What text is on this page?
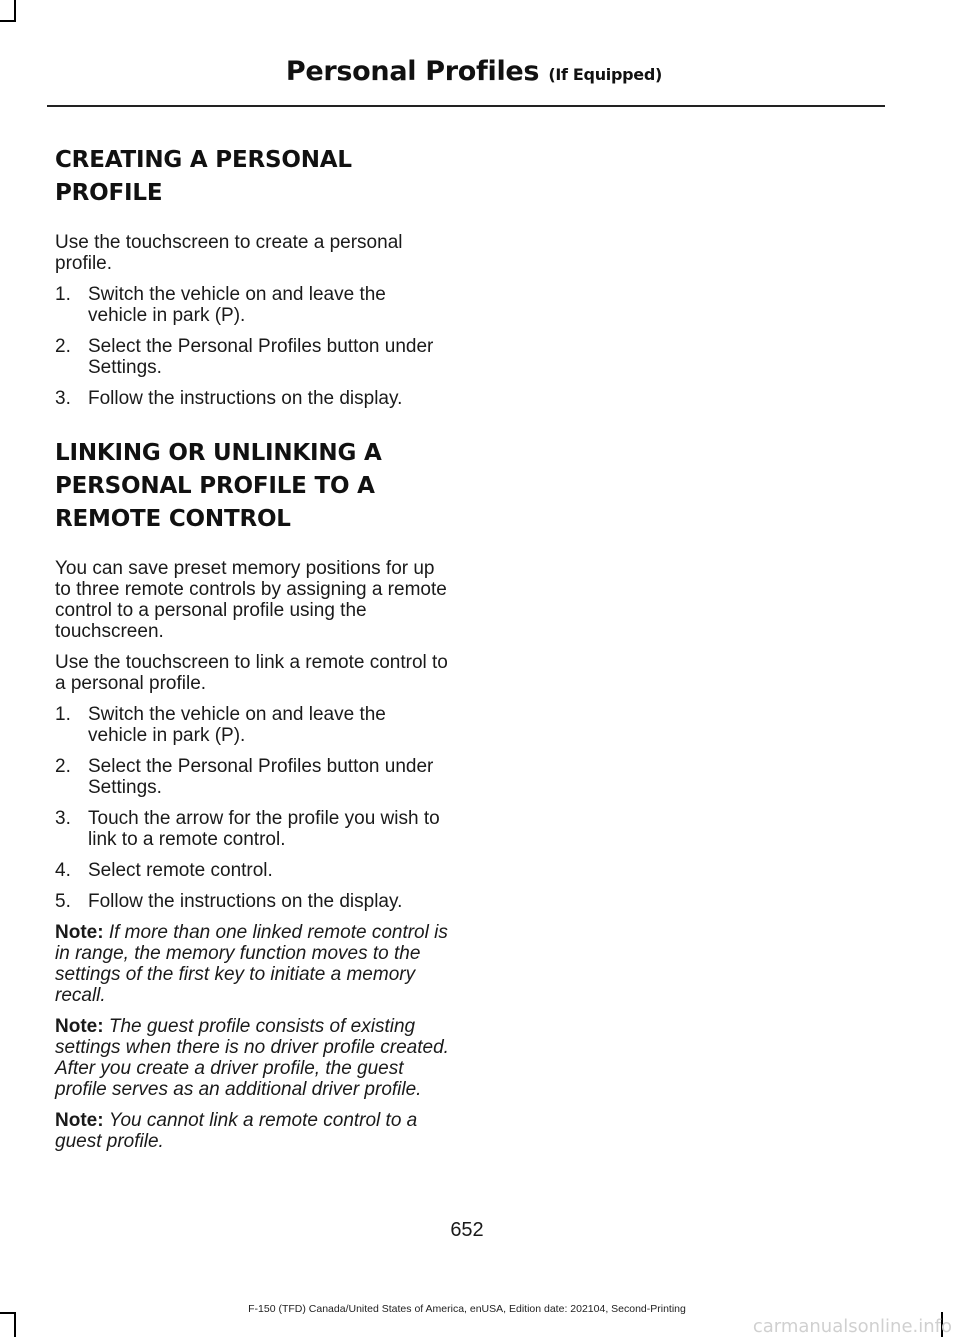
Personal Profiles (If Equipped)
CREATING A PERSONAL
PROFILE

Use the touchscreen to create a personal profile.

1. Switch the vehicle on and leave the vehicle in park (P).
2. Select the Personal Profiles button under Settings.
3. Follow the instructions on the display.
LINKING OR UNLINKING A
PERSONAL PROFILE TO A
REMOTE CONTROL

You can save preset memory positions for up to three remote controls by assigning a remote control to a personal profile using the touchscreen.

Use the touchscreen to link a remote control to a personal profile.

1. Switch the vehicle on and leave the vehicle in park (P).
2. Select the Personal Profiles button under Settings.
3. Touch the arrow for the profile you wish to link to a remote control.
4. Select remote control.
5. Follow the instructions on the display.

Note: If more than one linked remote control is in range, the memory function moves to the settings of the first key to initiate a memory recall.

Note: The guest profile consists of existing settings when there is no driver profile created. After you create a driver profile, the guest profile serves as an additional driver profile.

Note: You cannot link a remote control to a guest profile.

652
F-150 (TFD) Canada/United States of America, enUSA, Edition date: 202104, Second-Printing
carmanualsonline.info
